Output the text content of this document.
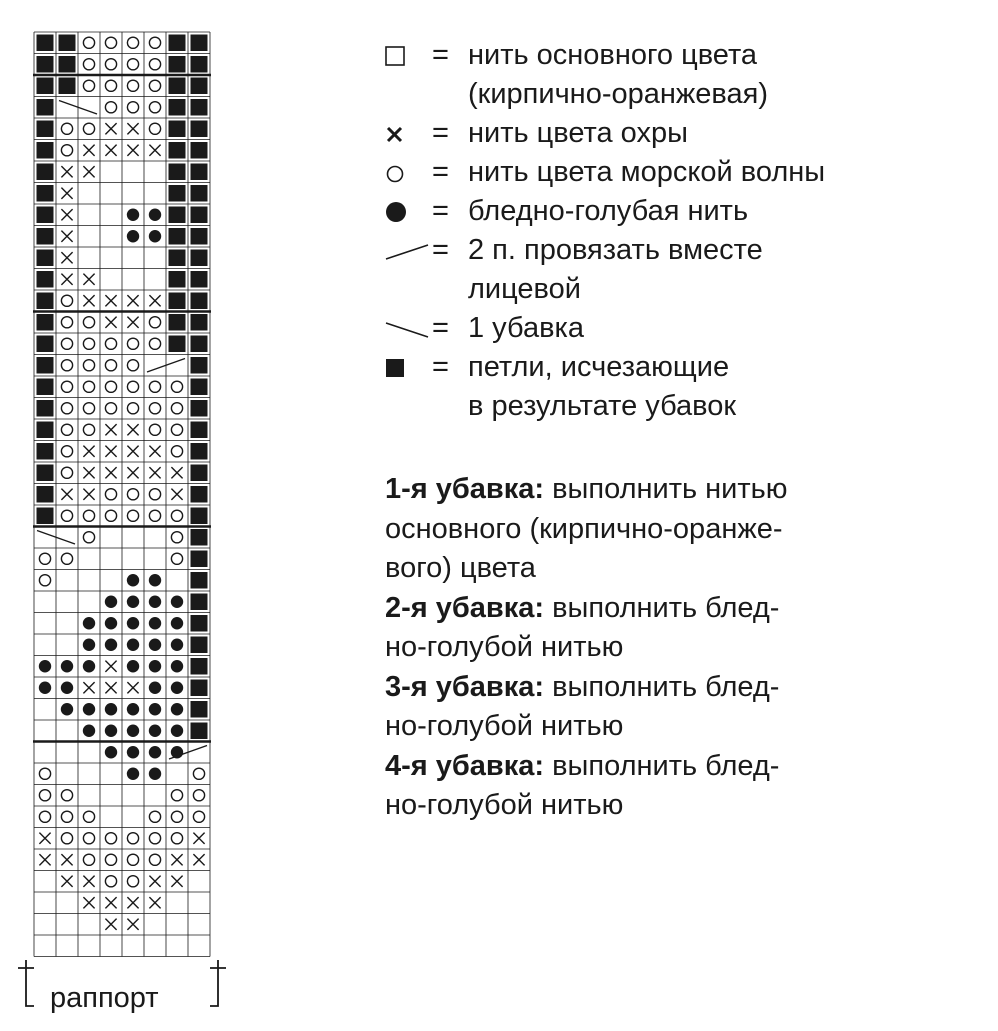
раппорт
= нить основного цвета
(кирпично-оранжевая)
= нить цвета охры
= нить цвета морской волны
= бледно-голубая нить
= 2 п. провязать вместе
лицевой
= 1 убавка
= петли, исчезающие
в результате убавок
1-я убавка: выполнить нитью
основного (кирпично-оранже-
вого) цвета
2-я убавка: выполнить блед-
но-голубой нитью
3-я убавка: выполнить блед-
но-голубой нитью
4-я убавка: выполнить блед-
но-голубой нитью
